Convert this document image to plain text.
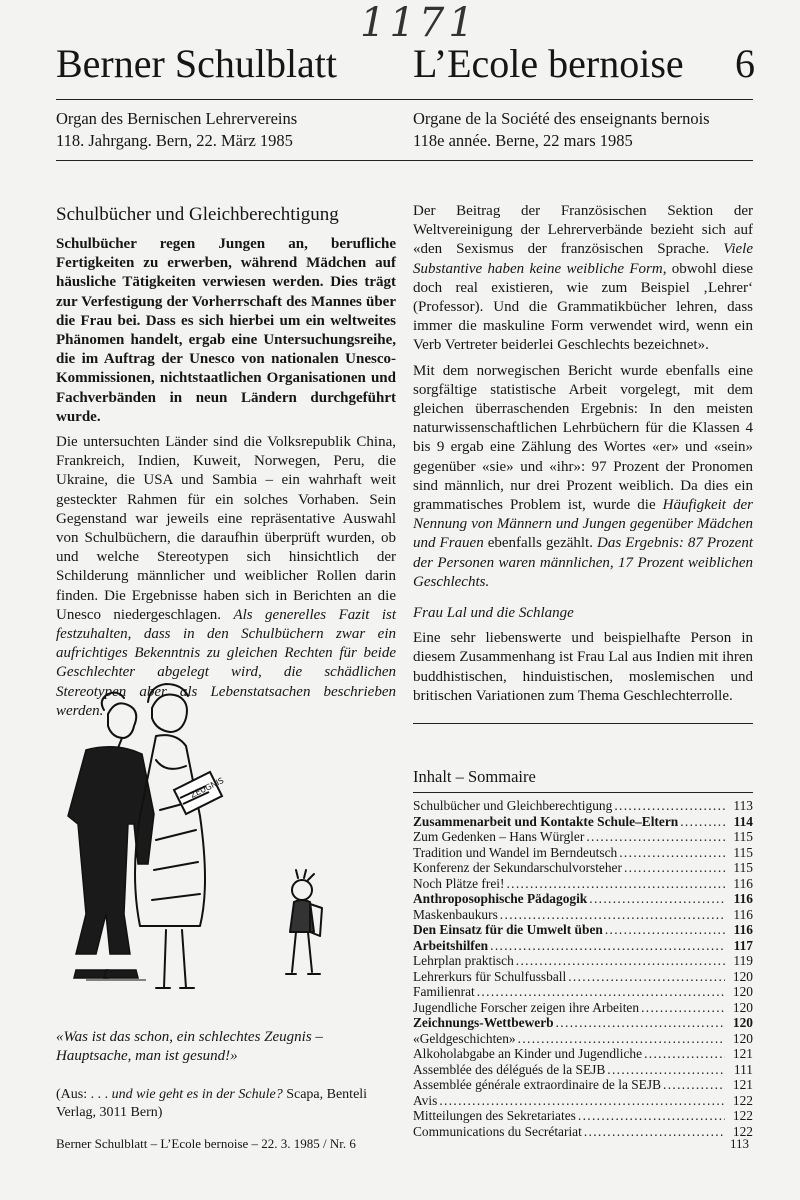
1171
Berner Schulblatt L’Ecole bernoise 6
Organ des Bernischen Lehrervereins
118. Jahrgang. Bern, 22. März 1985
Organe de la Société des enseignants bernois
118e année. Berne, 22 mars 1985
Schulbücher und Gleichberechtigung

Schulbücher regen Jungen an, berufliche Fertigkeiten zu erwerben, während Mädchen auf häusliche Tätigkeiten verwiesen werden. Dies trägt zur Verfestigung der Vorherrschaft des Mannes über die Frau bei. Dass es sich hierbei um ein weltweites Phänomen handelt, ergab eine Untersuchungsreihe, die im Auftrag der Unesco von nationalen Unesco-Kommissionen, nichtstaatlichen Organisationen und Fachverbänden in neun Ländern durchgeführt wurde.

Die untersuchten Länder sind die Volksrepublik China, Frankreich, Indien, Kuweit, Norwegen, Peru, die Ukraine, die USA und Sambia – ein wahrhaft weit gesteckter Rahmen für ein solches Vorhaben. Sein Gegenstand war jeweils eine repräsentative Auswahl von Schulbüchern, die daraufhin überprüft wurden, ob und welche Stereotypen sich hinsichtlich der Schilderung männlicher und weiblicher Rollen darin finden. Die Ergebnisse haben sich in Berichten an die Unesco niedergeschlagen. Als generelles Fazit ist festzuhalten, dass in den Schulbüchern zwar ein aufrichtiges Bekenntnis zu gleichen Rechten für beide Geschlechter abgelegt wird, die schädlichen Stereotypen aber als Lebenstatsachen beschrieben werden.

Der Beitrag der Französischen Sektion der Weltvereinigung der Lehrerverbände bezieht sich auf «den Sexismus der französischen Sprache. Viele Substantive haben keine weibliche Form, obwohl diese doch real existieren, wie zum Beispiel ‚Lehrer‘ (Professor). Und die Grammatikbücher lehren, dass immer die maskuline Form verwendet wird, wenn ein Verb Vertreter beiderlei Geschlechts bezeichnet».

Mit dem norwegischen Bericht wurde ebenfalls eine sorgfältige statistische Arbeit vorgelegt, mit dem gleichen überraschenden Ergebnis: In den meisten naturwissenschaftlichen Lehrbüchern für die Klassen 4 bis 9 ergab eine Zählung des Wortes «er» und «sein» gegenüber «sie» und «ihr»: 97 Prozent der Pronomen sind männlich, nur drei Prozent weiblich. Da dies ein grammatisches Problem ist, wurde die Häufigkeit der Nennung von Männern und Jungen gegenüber Mädchen und Frauen ebenfalls gezählt. Das Ergebnis: 87 Prozent der Personen waren männlichen, 17 Prozent weiblichen Geschlechts.

Frau Lal und die Schlange

Eine sehr liebenswerte und beispielhafte Person in diesem Zusammenhang ist Frau Lal aus Indien mit ihren buddhistischen, hinduistischen, moslemischen und britischen Variationen zum Thema Geschlechterrolle.

ZEUGNIS
«Was ist das schon, ein schlechtes Zeugnis – Hauptsache, man ist gesund!»
(Aus: . . . und wie geht es in der Schule? Scapa, Benteli Verlag, 3011 Bern)
Inhalt – Sommaire
Schulbücher und Gleichberechtigung . . .	113
Zusammenarbeit und Kontakte Schule–Eltern . . .	114
Zum Gedenken – Hans Würgler . . .	115
Tradition und Wandel im Berndeutsch . . .	115
Konferenz der Sekundarschulvorsteher . . .	115
Noch Plätze frei! . . .	116
Anthroposophische Pädagogik . . .	116
Maskenbaukurs . . .	116
Den Einsatz für die Umwelt üben . . .	116
Arbeitshilfen . . .	117
Lehrplan praktisch . . .	119
Lehrerkurs für Schulfussball . . .	120
Familienrat . . .	120
Jugendliche Forscher zeigen ihre Arbeiten . . .	120
Zeichnungs-Wettbewerb . . .	120
«Geldgeschichten» . . .	120
Alkoholabgabe an Kinder und Jugendliche . . .	121
Assemblée des délégués de la SEJB . . .	111
Assemblée générale extraordinaire de la SEJB . . .	121
Avis . . .	122
Mitteilungen des Sekretariates . . .	122
Communications du Secrétariat . . .	122
Berner Schulblatt – L’Ecole bernoise – 22. 3. 1985 / Nr. 6	113
